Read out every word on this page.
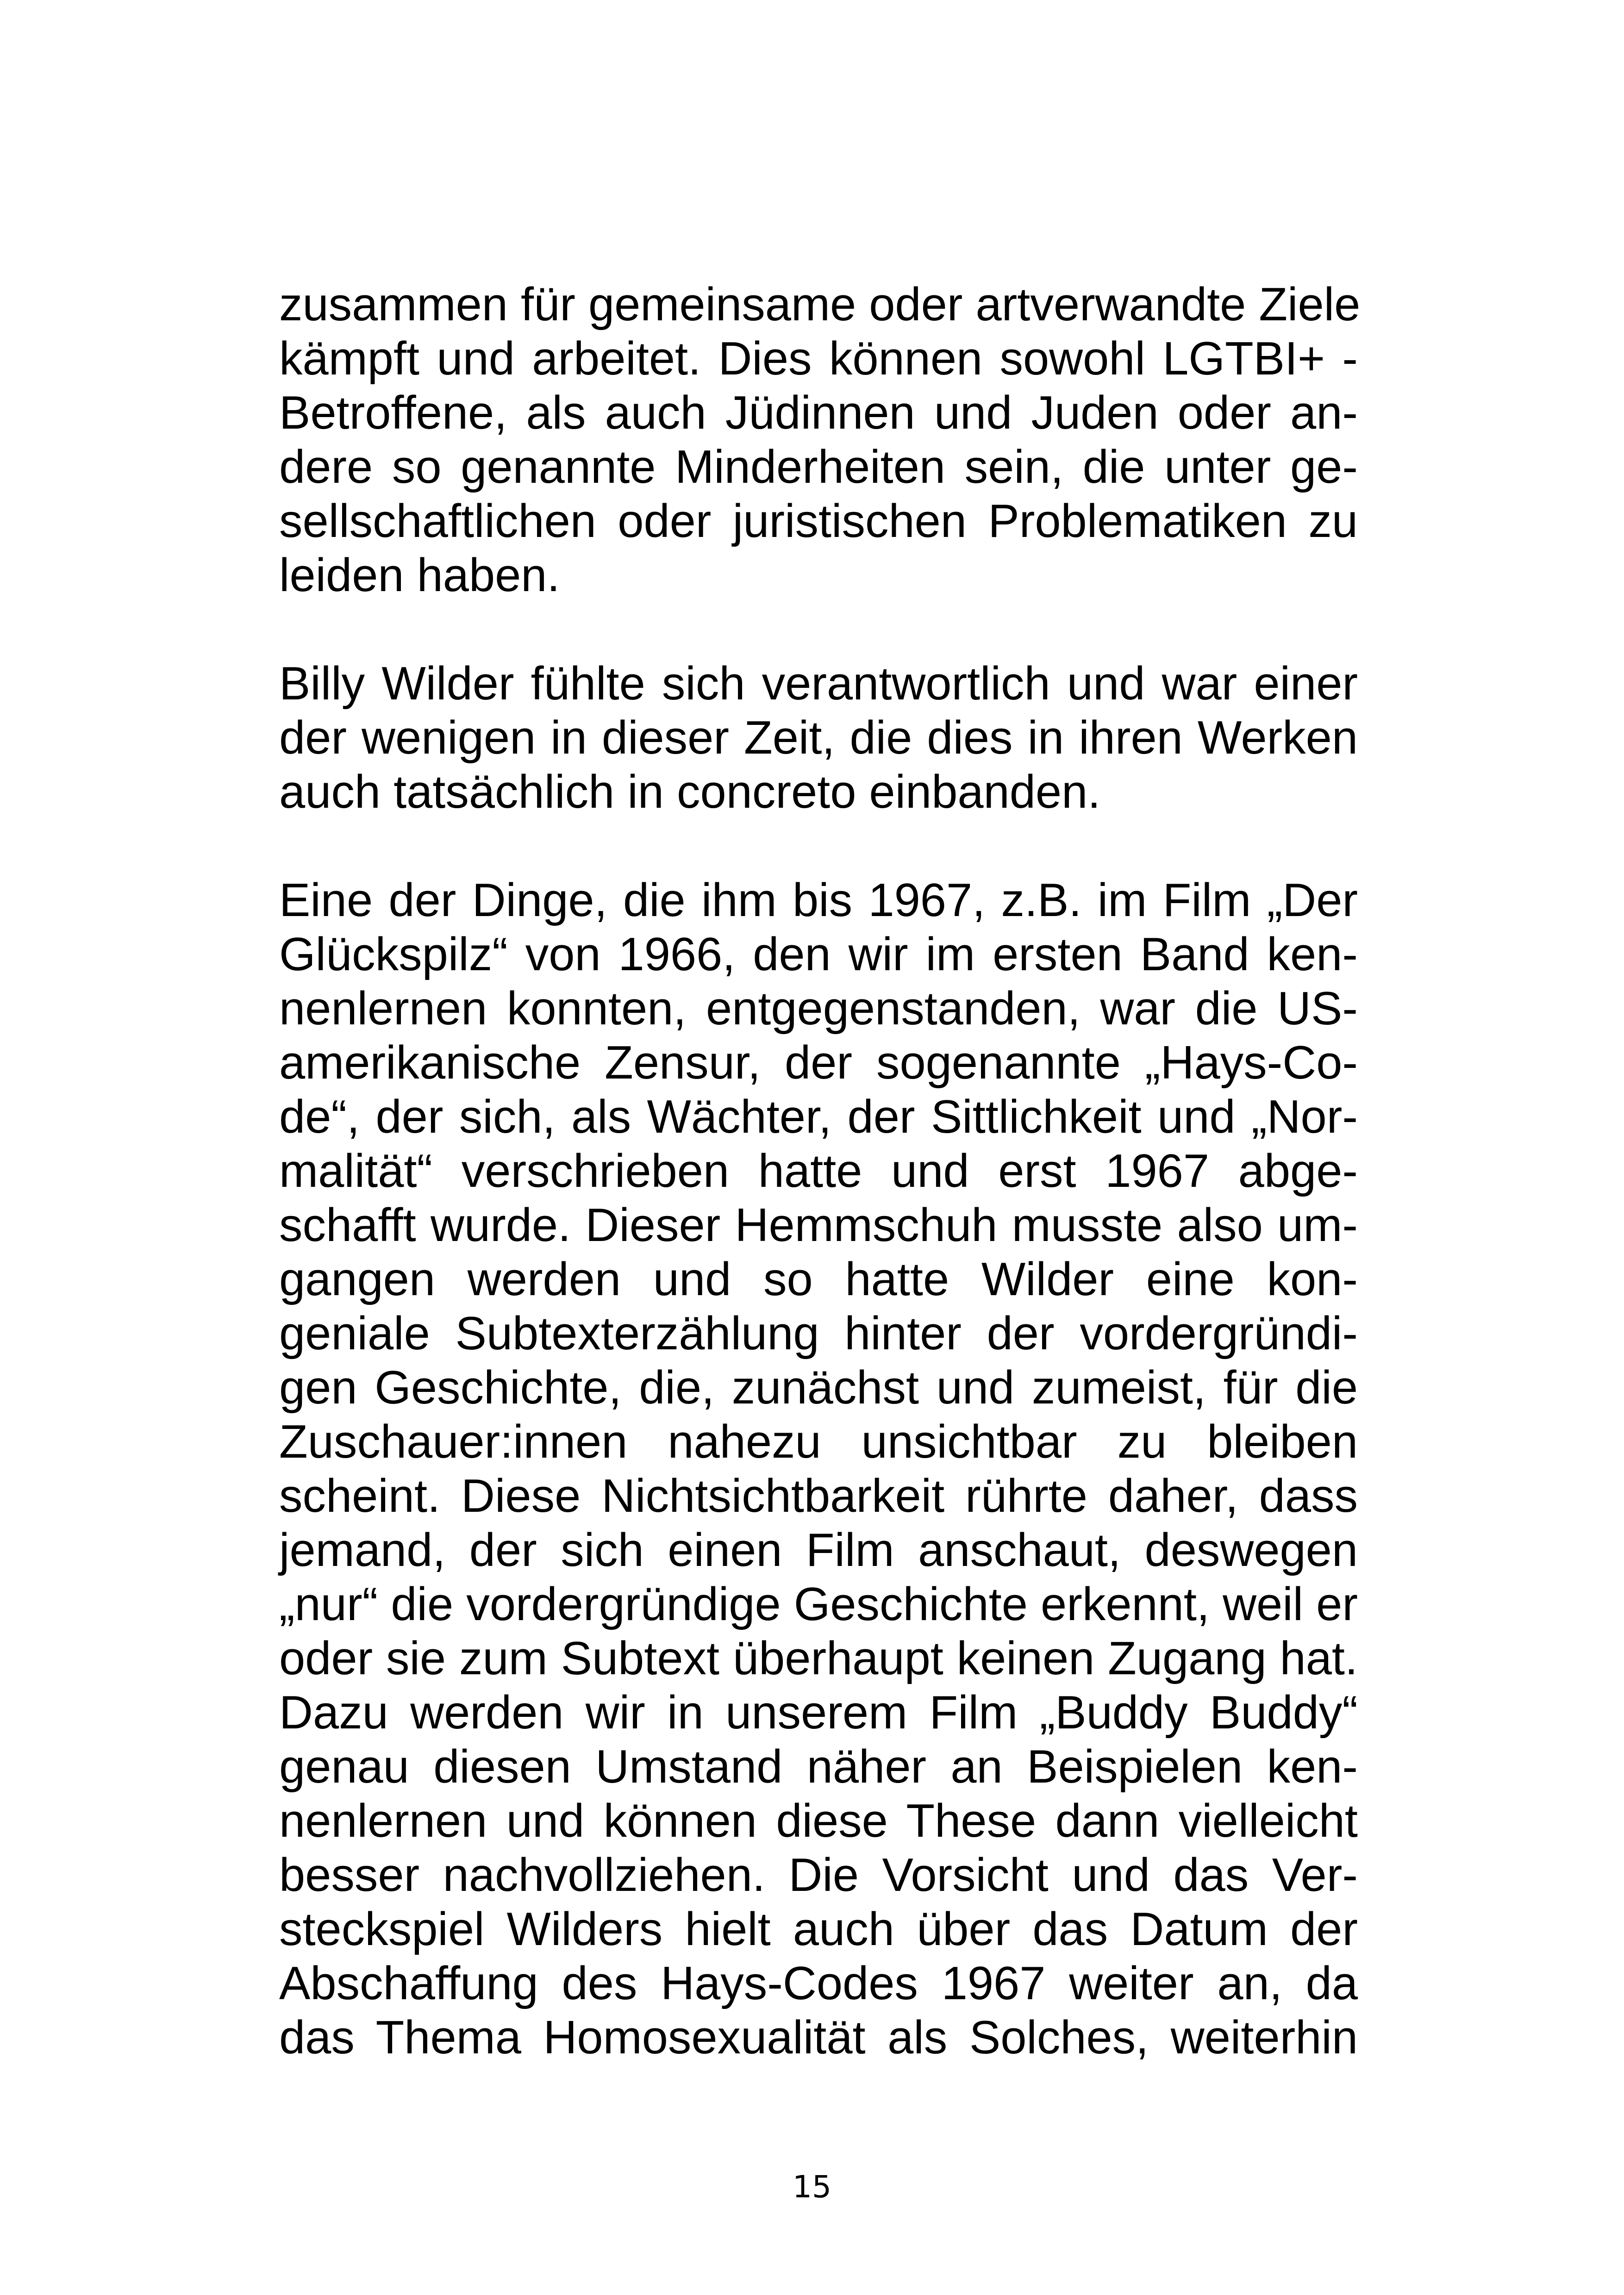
zusammen für gemeinsame oder artverwandte Ziele
kämpft und arbeitet. Dies können sowohl LGTBI+ -
Betroffene, als auch Jüdinnen und Juden oder an-
dere so genannte Minderheiten sein, die unter ge-
sellschaftlichen oder juristischen Problematiken zu
leiden haben.

Billy Wilder fühlte sich verantwortlich und war einer
der wenigen in dieser Zeit, die dies in ihren Werken
auch tatsächlich in concreto einbanden.

Eine der Dinge, die ihm bis 1967, z.B. im Film „Der
Glückspilz“ von 1966, den wir im ersten Band ken-
nenlernen konnten, entgegenstanden, war die US-
amerikanische Zensur, der sogenannte „Hays-Co-
de“, der sich, als Wächter, der Sittlichkeit und „Nor-
malität“ verschrieben hatte und erst 1967 abge-
schafft wurde. Dieser Hemmschuh musste also um-
gangen werden und so hatte Wilder eine kon-
geniale Subtexterzählung hinter der vordergründi-
gen Geschichte, die, zunächst und zumeist, für die
Zuschauer:innen nahezu unsichtbar zu bleiben
scheint. Diese Nichtsichtbarkeit rührte daher, dass
jemand, der sich einen Film anschaut, deswegen
„nur“ die vordergründige Geschichte erkennt, weil er
oder sie zum Subtext überhaupt keinen Zugang hat.
Dazu werden wir in unserem Film „Buddy Buddy“
genau diesen Umstand näher an Beispielen ken-
nenlernen und können diese These dann vielleicht
besser nachvollziehen. Die Vorsicht und das Ver-
steckspiel Wilders hielt auch über das Datum der
Abschaffung des Hays-Codes 1967 weiter an, da
das Thema Homosexualität als Solches, weiterhin

15
